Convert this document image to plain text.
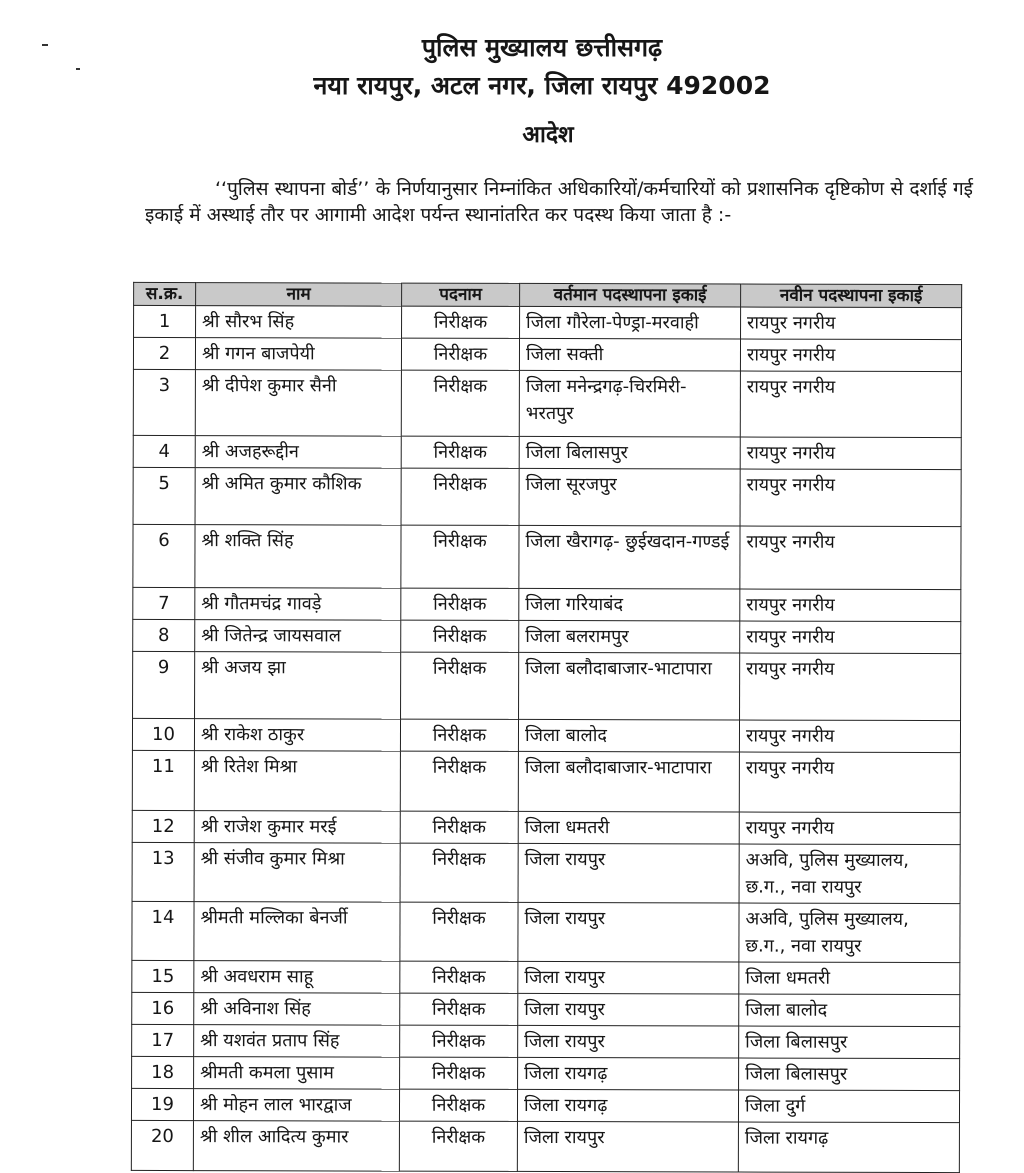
पुलिस मुख्यालय छत्तीसगढ़
नया रायपुर, अटल नगर, जिला रायपुर 492002
आदेश
‘‘पुलिस स्थापना बोर्ड’’ के निर्णयानुसार निम्नांकित अधिकारियों/कर्मचारियों को प्रशासनिक दृष्टिकोण से दर्शाई गई इकाई में अस्थाई तौर पर आगामी आदेश पर्यन्त स्थानांतरित कर पदस्थ किया जाता है :-
स.क्र.	नाम	पदनाम	वर्तमान पदस्थापना इकाई	नवीन पदस्थापना इकाई
1	श्री सौरभ सिंह	निरीक्षक	जिला गौरेला-पेण्ड्रा-मरवाही	रायपुर नगरीय
2	श्री गगन बाजपेयी	निरीक्षक	जिला सक्ती	रायपुर नगरीय
3	श्री दीपेश कुमार सैनी	निरीक्षक	जिला मनेन्द्रगढ़-चिरमिरी-भरतपुर	रायपुर नगरीय
4	श्री अजहरूद्दीन	निरीक्षक	जिला बिलासपुर	रायपुर नगरीय
5	श्री अमित कुमार कौशिक	निरीक्षक	जिला सूरजपुर	रायपुर नगरीय
6	श्री शक्ति सिंह	निरीक्षक	जिला खैरागढ़- छुईखदान-गण्डई	रायपुर नगरीय
7	श्री गौतमचंद्र गावड़े	निरीक्षक	जिला गरियाबंद	रायपुर नगरीय
8	श्री जितेन्द्र जायसवाल	निरीक्षक	जिला बलरामपुर	रायपुर नगरीय
9	श्री अजय झा	निरीक्षक	जिला बलौदाबाजार-भाटापारा	रायपुर नगरीय
10	श्री राकेश ठाकुर	निरीक्षक	जिला बालोद	रायपुर नगरीय
11	श्री रितेश मिश्रा	निरीक्षक	जिला बलौदाबाजार-भाटापारा	रायपुर नगरीय
12	श्री राजेश कुमार मरई	निरीक्षक	जिला धमतरी	रायपुर नगरीय
13	श्री संजीव कुमार मिश्रा	निरीक्षक	जिला रायपुर	अअवि, पुलिस मुख्यालय, छ.ग., नवा रायपुर
14	श्रीमती मल्लिका बेनर्जी	निरीक्षक	जिला रायपुर	अअवि, पुलिस मुख्यालय, छ.ग., नवा रायपुर
15	श्री अवधराम साहू	निरीक्षक	जिला रायपुर	जिला धमतरी
16	श्री अविनाश सिंह	निरीक्षक	जिला रायपुर	जिला बालोद
17	श्री यशवंत प्रताप सिंह	निरीक्षक	जिला रायपुर	जिला बिलासपुर
18	श्रीमती कमला पुसाम	निरीक्षक	जिला रायगढ़	जिला बिलासपुर
19	श्री मोहन लाल भारद्वाज	निरीक्षक	जिला रायगढ़	जिला दुर्ग
20	श्री शील आदित्य कुमार	निरीक्षक	जिला रायपुर	जिला रायगढ़
